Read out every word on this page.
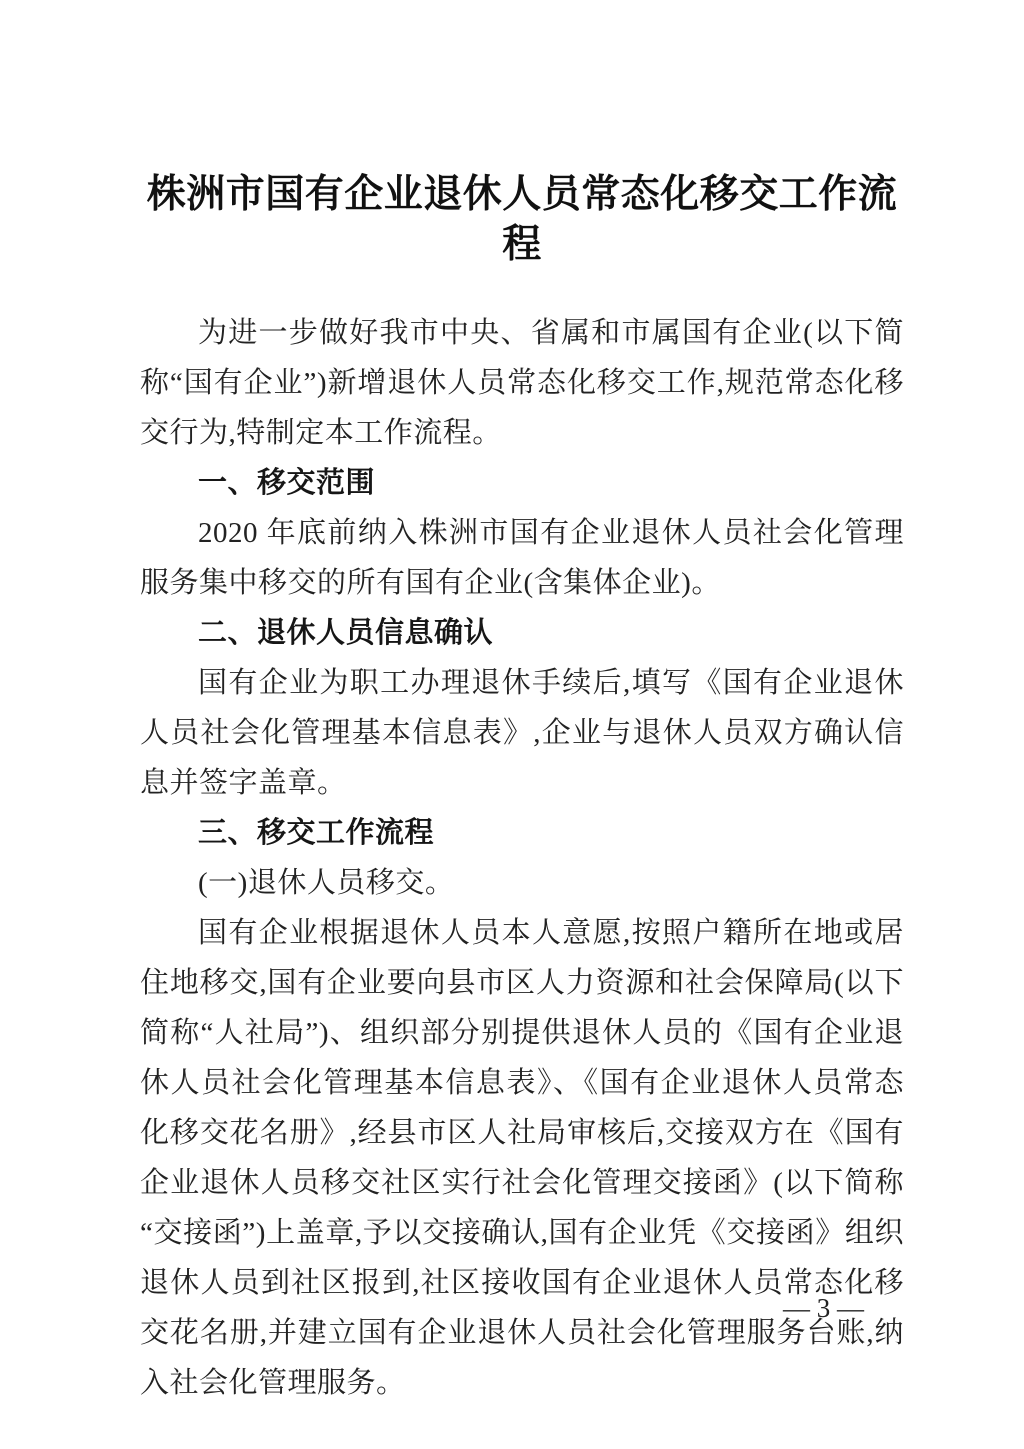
株洲市国有企业退休人员常态化移交工作流程

为进一步做好我市中央、省属和市属国有企业(以下简称“国有企业”)新增退休人员常态化移交工作,规范常态化移交行为,特制定本工作流程。

一、移交范围

2020 年底前纳入株洲市国有企业退休人员社会化管理服务集中移交的所有国有企业(含集体企业)。

二、退休人员信息确认

国有企业为职工办理退休手续后,填写《国有企业退休人员社会化管理基本信息表》,企业与退休人员双方确认信息并签字盖章。

三、移交工作流程

(一)退休人员移交。

国有企业根据退休人员本人意愿,按照户籍所在地或居住地移交,国有企业要向县市区人力资源和社会保障局(以下简称“人社局”)、组织部分别提供退休人员的《国有企业退休人员社会化管理基本信息表》、《国有企业退休人员常态化移交花名册》,经县市区人社局审核后,交接双方在《国有企业退休人员移交社区实行社会化管理交接函》(以下简称“交接函”)上盖章,予以交接确认,国有企业凭《交接函》组织退休人员到社区报到,社区接收国有企业退休人员常态化移交花名册,并建立国有企业退休人员社会化管理服务台账,纳入社会化管理服务。

— 3 —
